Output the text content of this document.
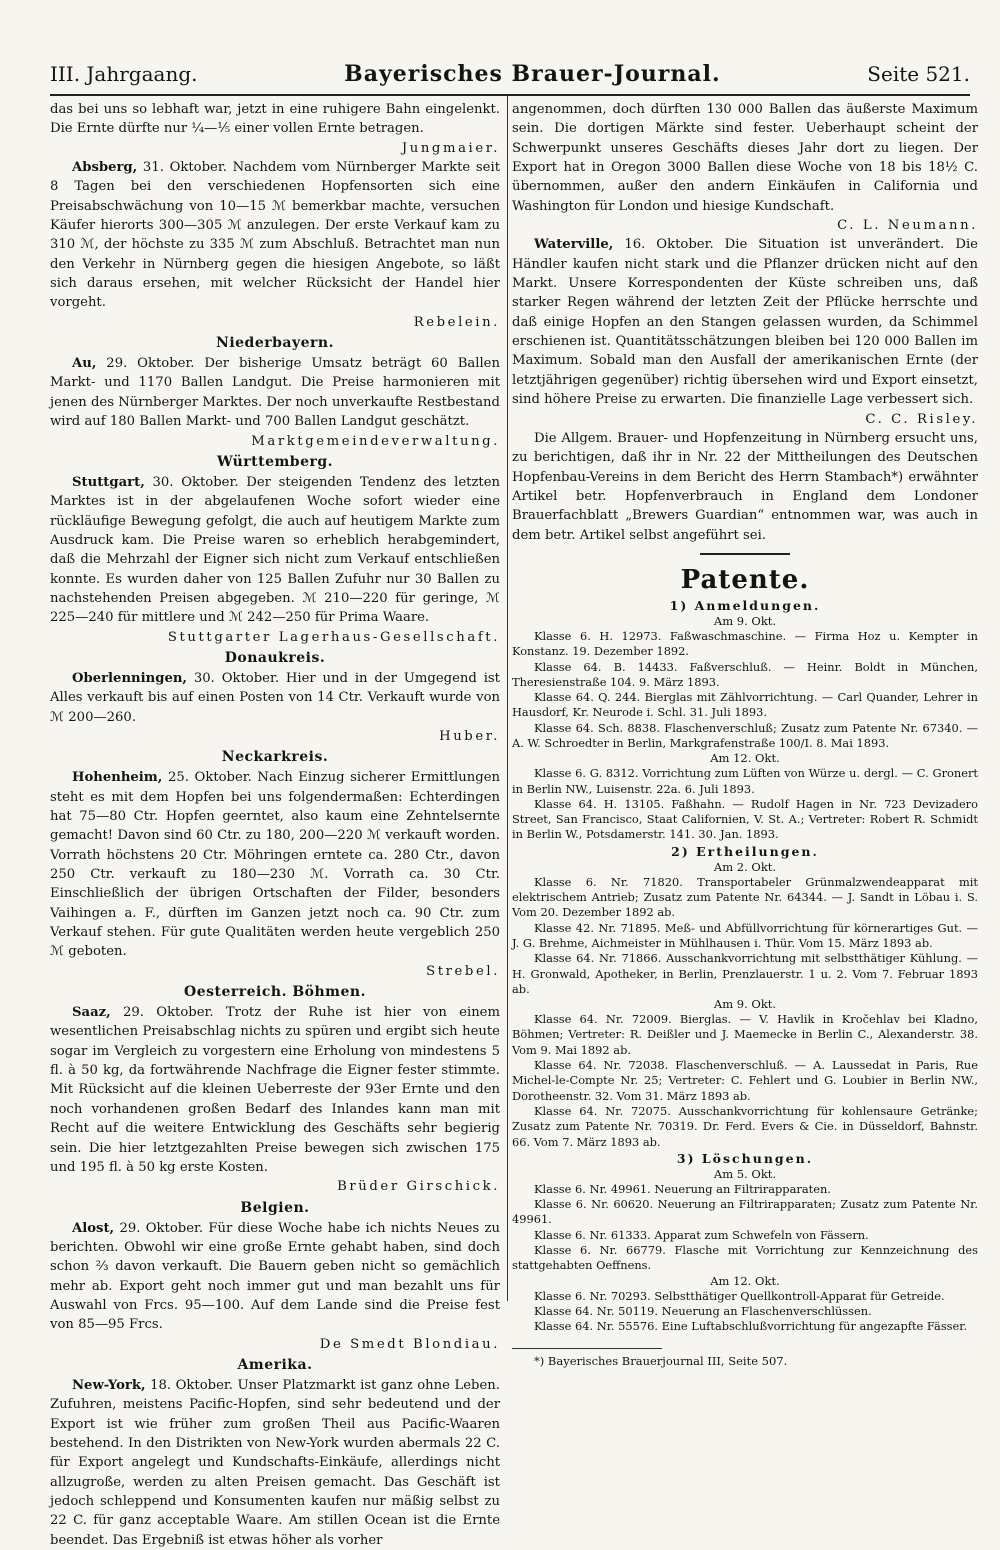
III. Jahrgaang.	Bayerisches Brauer-Journal.	Seite 521.

das bei uns so lebhaft war, jetzt in eine ruhigere Bahn eingelenkt. Die Ernte dürfte nur ¼—⅕ einer vollen Ernte betragen.

Jungmaier.

Absberg, 31. Oktober. Nachdem vom Nürnberger Markte seit 8 Tagen bei den verschiedenen Hopfensorten sich eine Preisabschwächung von 10—15 ℳ bemerkbar machte, versuchen Käufer hierorts 300—305 ℳ anzulegen. Der erste Verkauf kam zu 310 ℳ, der höchste zu 335 ℳ zum Abschluß. Betrachtet man nun den Verkehr in Nürnberg gegen die hiesigen Angebote, so läßt sich daraus ersehen, mit welcher Rücksicht der Handel hier vorgeht.

Rebelein.

Niederbayern.

Au, 29. Oktober. Der bisherige Umsatz beträgt 60 Ballen Markt- und 1170 Ballen Landgut. Die Preise harmonieren mit jenen des Nürnberger Marktes. Der noch unverkaufte Restbestand wird auf 180 Ballen Markt- und 700 Ballen Landgut geschätzt.

Marktgemeindeverwaltung.

Württemberg.

Stuttgart, 30. Oktober. Der steigenden Tendenz des letzten Marktes ist in der abgelaufenen Woche sofort wieder eine rückläufige Bewegung gefolgt, die auch auf heutigem Markte zum Ausdruck kam. Die Preise waren so erheblich herabgemindert, daß die Mehrzahl der Eigner sich nicht zum Verkauf entschließen konnte. Es wurden daher von 125 Ballen Zufuhr nur 30 Ballen zu nachstehenden Preisen abgegeben. ℳ 210—220 für geringe, ℳ 225—240 für mittlere und ℳ 242—250 für Prima Waare.

Stuttgarter Lagerhaus-Gesellschaft.

Donaukreis.

Oberlenningen, 30. Oktober. Hier und in der Umgegend ist Alles verkauft bis auf einen Posten von 14 Ctr. Verkauft wurde von ℳ 200—260.

Huber.

Neckarkreis.

Hohenheim, 25. Oktober. Nach Einzug sicherer Ermittlungen steht es mit dem Hopfen bei uns folgendermaßen: Echterdingen hat 75—80 Ctr. Hopfen geerntet, also kaum eine Zehntelsernte gemacht! Davon sind 60 Ctr. zu 180, 200—220 ℳ verkauft worden. Vorrath höchstens 20 Ctr. Möhringen erntete ca. 280 Ctr., davon 250 Ctr. verkauft zu 180—230 ℳ. Vorrath ca. 30 Ctr. Einschließlich der übrigen Ortschaften der Filder, besonders Vaihingen a. F., dürften im Ganzen jetzt noch ca. 90 Ctr. zum Verkauf stehen. Für gute Qualitäten werden heute vergeblich 250 ℳ geboten.

Strebel.

Oesterreich. Böhmen.

Saaz, 29. Oktober. Trotz der Ruhe ist hier von einem wesentlichen Preisabschlag nichts zu spüren und ergibt sich heute sogar im Vergleich zu vorgestern eine Erholung von mindestens 5 fl. à 50 kg, da fortwährende Nachfrage die Eigner fester stimmte. Mit Rücksicht auf die kleinen Ueberreste der 93er Ernte und den noch vorhandenen großen Bedarf des Inlandes kann man mit Recht auf die weitere Entwicklung des Geschäfts sehr begierig sein. Die hier letztgezahlten Preise bewegen sich zwischen 175 und 195 fl. à 50 kg erste Kosten.

Brüder Girschick.

Belgien.

Alost, 29. Oktober. Für diese Woche habe ich nichts Neues zu berichten. Obwohl wir eine große Ernte gehabt haben, sind doch schon ⅔ davon verkauft. Die Bauern geben nicht so gemächlich mehr ab. Export geht noch immer gut und man bezahlt uns für Auswahl von Frcs. 95—100. Auf dem Lande sind die Preise fest von 85—95 Frcs.

De Smedt Blondiau.

Amerika.

New-York, 18. Oktober. Unser Platzmarkt ist ganz ohne Leben. Zufuhren, meistens Pacific-Hopfen, sind sehr bedeutend und der Export ist wie früher zum großen Theil aus Pacific-Waaren bestehend. In den Distrikten von New-York wurden abermals 22 C. für Export angelegt und Kundschafts-Einkäufe, allerdings nicht allzugroße, werden zu alten Preisen gemacht. Das Geschäft ist jedoch schleppend und Konsumenten kaufen nur mäßig selbst zu 22 C. für ganz acceptable Waare. Am stillen Ocean ist die Ernte beendet. Das Ergebniß ist etwas höher als vorher

angenommen, doch dürften 130 000 Ballen das äußerste Maximum sein. Die dortigen Märkte sind fester. Ueberhaupt scheint der Schwerpunkt unseres Geschäfts dieses Jahr dort zu liegen. Der Export hat in Oregon 3000 Ballen diese Woche von 18 bis 18½ C. übernommen, außer den andern Einkäufen in California und Washington für London und hiesige Kundschaft.

C. L. Neumann.

Waterville, 16. Oktober. Die Situation ist unverändert. Die Händler kaufen nicht stark und die Pflanzer drücken nicht auf den Markt. Unsere Korrespondenten der Küste schreiben uns, daß starker Regen während der letzten Zeit der Pflücke herrschte und daß einige Hopfen an den Stangen gelassen wurden, da Schimmel erschienen ist. Quantitätsschätzungen bleiben bei 120 000 Ballen im Maximum. Sobald man den Ausfall der amerikanischen Ernte (der letztjährigen gegenüber) richtig übersehen wird und Export einsetzt, sind höhere Preise zu erwarten. Die finanzielle Lage verbessert sich.

C. C. Risley.

Die Allgem. Brauer- und Hopfenzeitung in Nürnberg ersucht uns, zu berichtigen, daß ihr in Nr. 22 der Mittheilungen des Deutschen Hopfenbau-Vereins in dem Bericht des Herrn Stambach*) erwähnter Artikel betr. Hopfenverbrauch in England dem Londoner Brauerfachblatt „Brewers Guardian“ entnommen war, was auch in dem betr. Artikel selbst angeführt sei.

Patente.
1) Anmeldungen.
Am 9. Okt.

Klasse 6. H. 12973. Faßwaschmaschine. — Firma Hoz u. Kempter in Konstanz. 19. Dezember 1892.

Klasse 64. B. 14433. Faßverschluß. — Heinr. Boldt in München, Theresienstraße 104. 9. März 1893.

Klasse 64. Q. 244. Bierglas mit Zählvorrichtung. — Carl Quander, Lehrer in Hausdorf, Kr. Neurode i. Schl. 31. Juli 1893.

Klasse 64. Sch. 8838. Flaschenverschluß; Zusatz zum Patente Nr. 67340. — A. W. Schroedter in Berlin, Markgrafenstraße 100/I. 8. Mai 1893.

Am 12. Okt.

Klasse 6. G. 8312. Vorrichtung zum Lüften von Würze u. dergl. — C. Gronert in Berlin NW., Luisenstr. 22a. 6. Juli 1893.

Klasse 64. H. 13105. Faßhahn. — Rudolf Hagen in Nr. 723 Devizadero Street, San Francisco, Staat Californien, V. St. A.; Vertreter: Robert R. Schmidt in Berlin W., Potsdamerstr. 141. 30. Jan. 1893.

2) Ertheilungen.
Am 2. Okt.

Klasse 6. Nr. 71820. Transportabeler Grünmalzwendeapparat mit elektrischem Antrieb; Zusatz zum Patente Nr. 64344. — J. Sandt in Löbau i. S. Vom 20. Dezember 1892 ab.

Klasse 42. Nr. 71895. Meß- und Abfüllvorrichtung für körnerartiges Gut. — J. G. Brehme, Aichmeister in Mühlhausen i. Thür. Vom 15. März 1893 ab.

Klasse 64. Nr. 71866. Ausschankvorrichtung mit selbstthätiger Kühlung. — H. Gronwald, Apotheker, in Berlin, Prenzlauerstr. 1 u. 2. Vom 7. Februar 1893 ab.

Am 9. Okt.

Klasse 64. Nr. 72009. Bierglas. — V. Havlik in Kročehlav bei Kladno, Böhmen; Vertreter: R. Deißler und J. Maemecke in Berlin C., Alexanderstr. 38. Vom 9. Mai 1892 ab.

Klasse 64. Nr. 72038. Flaschenverschluß. — A. Laussedat in Paris, Rue Michel-le-Compte Nr. 25; Vertreter: C. Fehlert und G. Loubier in Berlin NW., Dorotheenstr. 32. Vom 31. März 1893 ab.

Klasse 64. Nr. 72075. Ausschankvorrichtung für kohlensaure Getränke; Zusatz zum Patente Nr. 70319. Dr. Ferd. Evers & Cie. in Düsseldorf, Bahnstr. 66. Vom 7. März 1893 ab.

3) Löschungen.
Am 5. Okt.

Klasse 6. Nr. 49961. Neuerung an Filtrirapparaten.

Klasse 6. Nr. 60620. Neuerung an Filtrirapparaten; Zusatz zum Patente Nr. 49961.

Klasse 6. Nr. 61333. Apparat zum Schwefeln von Fässern.

Klasse 6. Nr. 66779. Flasche mit Vorrichtung zur Kennzeichnung des stattgehabten Oeffnens.

Am 12. Okt.

Klasse 6. Nr. 70293. Selbstthätiger Quellkontroll-Apparat für Getreide.

Klasse 64. Nr. 50119. Neuerung an Flaschenverschlüssen.

Klasse 64. Nr. 55576. Eine Luftabschlußvorrichtung für angezapfte Fässer.

*) Bayerisches Brauerjournal III, Seite 507.
